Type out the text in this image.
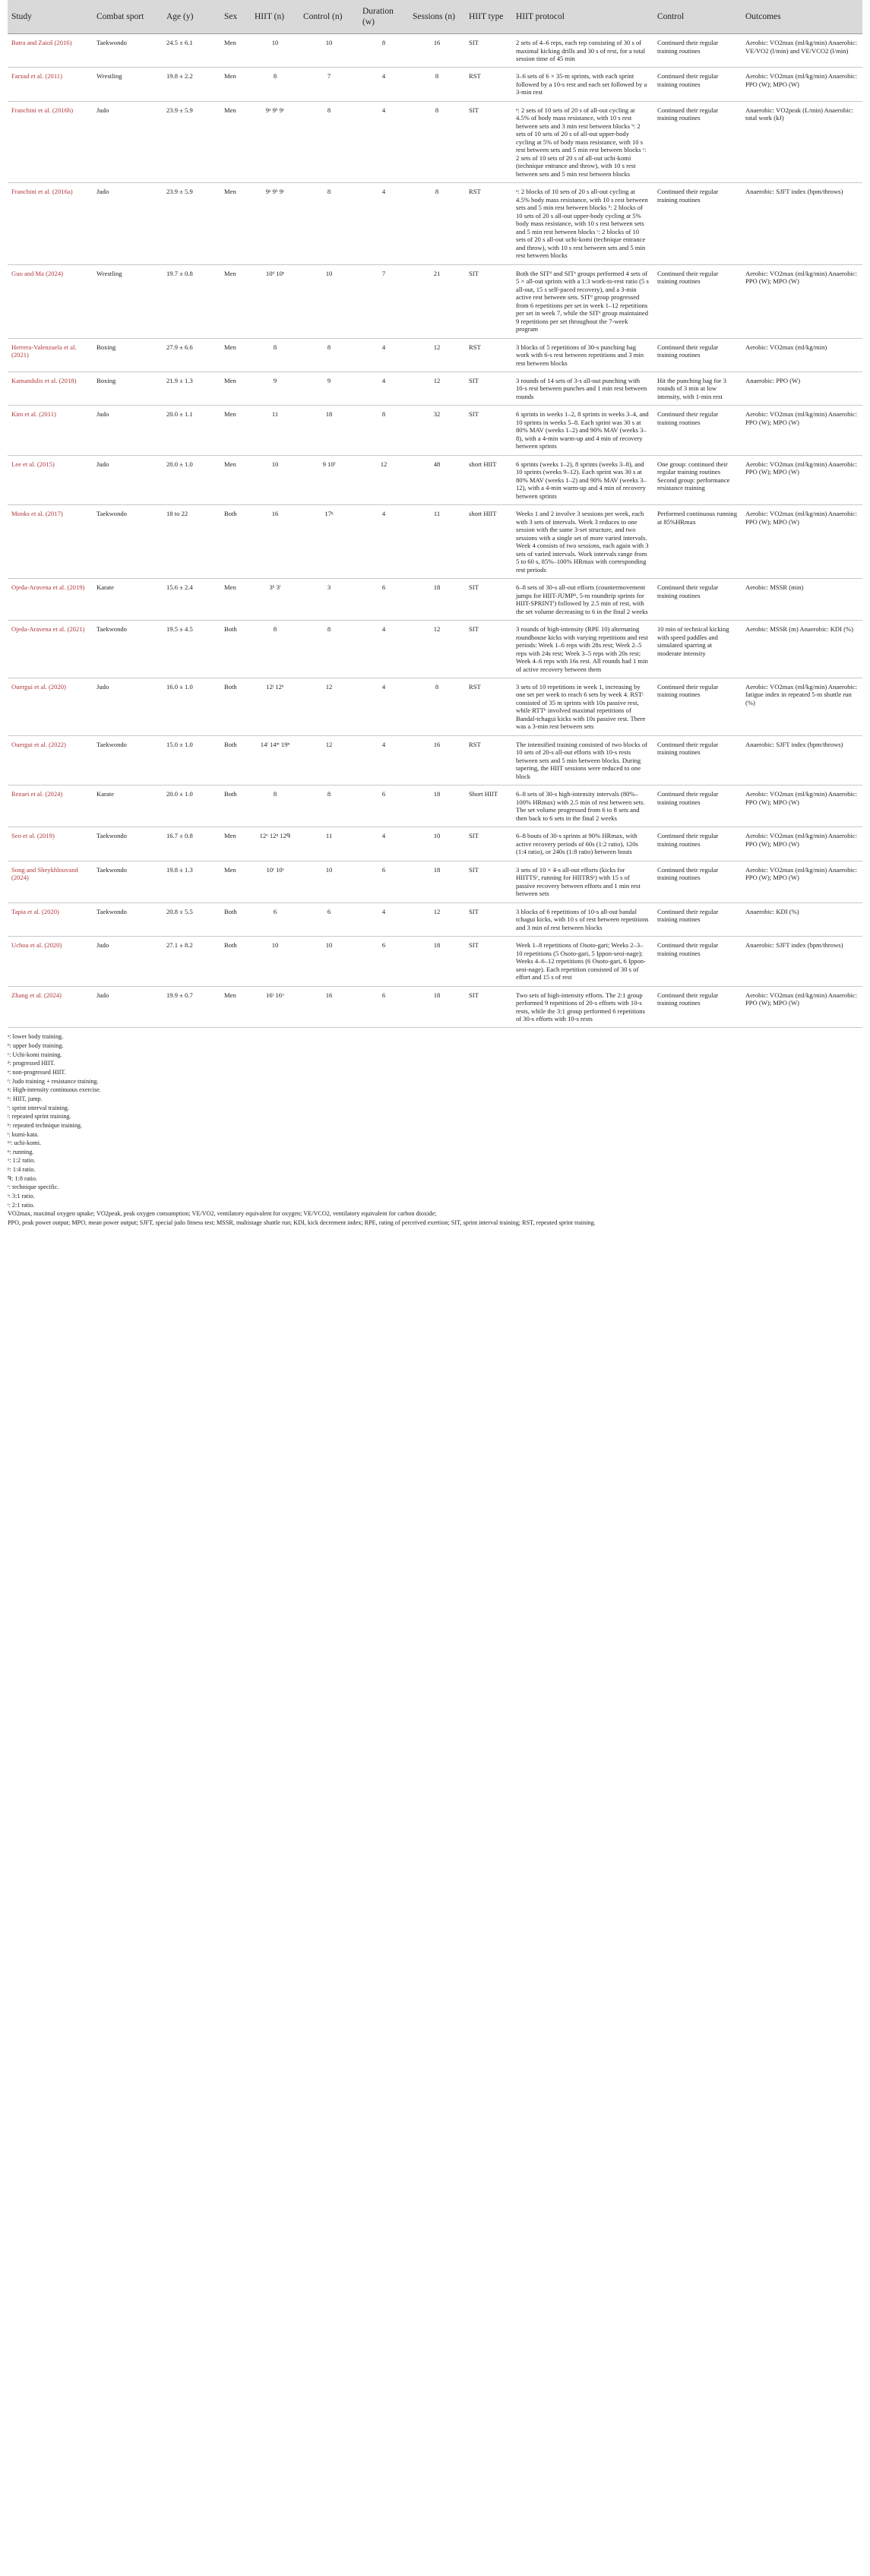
Study	Combat sport	Age (y)	Sex	HIIT (n)	Control (n)	Duration (w)	Sessions (n)	HIIT type	HIIT protocol	Control	Outcomes
Batra and Zaioš (2016)	Taekwondo	24.5 ± 6.1	Men	10	10	8	16	SIT	2 sets of 4–6 reps, each rep consisting of 30 s of maximal kicking drills and 30 s of rest, for a total session time of 45 min	Continued their regular training routines	Aerobic: VO2max (ml/kg/min) Anaerobic: VE/VO2 (l/min) and VE/VCO2 (l/min)
Farzad et al. (2011)	Wrestling	19.8 ± 2.2	Men	8	7	4	8	RST	3–6 sets of 6 × 35-m sprints, with each sprint followed by a 10-s rest and each set followed by a 3-min rest	Continued their regular training routines	Aerobic: VO2max (ml/kg/min) Anaerobic: PPO (W); MPO (W)
Franchini et al. (2016b)	Judo	23.9 ± 5.9	Men	9ᵃ 9ᵇ 9ᶜ	8	4	8	SIT	ᵃ: 2 sets of 10 sets of 20 s of all-out cycling at 4.5% of body mass resistance, with 10 s rest between sets and 3 min rest between blocks ᵇ: 2 sets of 10 sets of 20 s of all-out upper-body cycling at 5% of body mass resistance, with 10 s rest between sets and 5 min rest between blocks ᶜ: 2 sets of 10 sets of 20 s of all-out uchi-komi (technique entrance and throw), with 10 s rest between sets and 5 min rest between blocks	Continued their regular training routines	Anaerobic: VO2peak (L/min) Anaerobic: total work (kJ)
Franchini et al. (2016a)	Judo	23.9 ± 5.9	Men	9ᵃ 9ᵇ 9ᶜ	8	4	8	RST	ᵃ: 2 blocks of 10 sets of 20 s all-out cycling at 4.5% body mass resistance, with 10 s rest between sets and 5 min rest between blocks ᵇ: 2 blocks of 10 sets of 20 s all-out upper-body cycling at 5% body mass resistance, with 10 s rest between sets and 5 min rest between blocks ᶜ: 2 blocks of 10 sets of 20 s all-out uchi-komi (technique entrance and throw), with 10 s rest between sets and 5 min rest between blocks	Continued their regular training routines	Anaerobic: SJFT index (bpm/throws)
Guo and Ma (2024)	Wrestling	19.7 ± 0.8	Men	10ᵈ 10ᵉ	10	7	21	SIT	Both the SITᵈ and SITᵉ groups performed 4 sets of 5 × all-out sprints with a 1:3 work-to-rest ratio (5 s all-out, 15 s self-paced recovery), and a 3-min active rest between sets. SITᵈ group progressed from 6 repetitions per set in week 1–12 repetitions per set in week 7, while the SITᵉ group maintained 9 repetitions per set throughout the 7-week program	Continued their regular training routines	Aerobic: VO2max (ml/kg/min) Anaerobic: PPO (W); MPO (W)
Herrera-Valenzuela et al. (2021)	Boxing	27.9 ± 6.6	Men	8	8	4	12	RST	3 blocks of 5 repetitions of 30-s punching bag work with 6-s rest between repetitions and 3 min rest between blocks	Continued their regular training routines	Aerobic: VO2max (ml/kg/min)
Kamandulis et al. (2018)	Boxing	21.9 ± 1.3	Men	9	9	4	12	SIT	3 rounds of 14 sets of 3-s all-out punching with 10-s rest between punches and 1 min rest between rounds	Hit the punching bag for 3 rounds of 3 min at low intensity, with 1-min rest	Anaerobic: PPO (W)
Kim et al. (2011)	Judo	20.0 ± 1.1	Men	11	18	8	32	SIT	6 sprints in weeks 1–2, 8 sprints in weeks 3–4, and 10 sprints in weeks 5–8. Each sprint was 30 s at 80% MAV (weeks 1–2) and 90% MAV (weeks 3–8), with a 4-min warm-up and 4 min of recovery between sprints	Continued their regular training routines	Aerobic: VO2max (ml/kg/min) Anaerobic: PPO (W); MPO (W)
Lee et al. (2015)	Judo	20.0 ± 1.0	Men	10	9 10ᶠ	12	48	short HIIT	6 sprints (weeks 1–2), 8 sprints (weeks 3–8), and 10 sprints (weeks 9–12). Each sprint was 30 s at 80% MAV (weeks 1–2) and 90% MAV (weeks 3–12), with a 4-min warm-up and 4 min of recovery between sprints	One group: continued their regular training routines Second group: performance resistance training	Aerobic: VO2max (ml/kg/min) Anaerobic: PPO (W); MPO (W)
Monks et al. (2017)	Taekwondo	18 to 22	Both	16	17ᵍ	4	11	short HIIT	Weeks 1 and 2 involve 3 sessions per week, each with 3 sets of intervals. Week 3 reduces to one session with the same 3-set structure, and two sessions with a single set of more varied intervals. Week 4 consists of two sessions, each again with 3 sets of varied intervals. Work intervals range from 5 to 60 s, 85%–100% HRmax with corresponding rest periods	Performed continuous running at 85%HRmax	Aerobic: VO2max (ml/kg/min) Anaerobic: PPO (W); MPO (W)
Ojeda-Aravena et al. (2019)	Karate	15.6 ± 2.4	Men	3ʰ 3ⁱ	3	6	18	SIT	6–8 sets of 30-s all-out efforts (countermovement jumps for HIIT-JUMPʰ, 5-m roundtrip sprints for HIIT-SPRINTⁱ) followed by 2.5 min of rest, with the set volume decreasing to 6 in the final 2 weeks	Continued their regular training routines	Aerobic: MSSR (min)
Ojeda-Aravena et al. (2021)	Taekwondo	19.5 ± 4.5	Both	8	8	4	12	SIT	3 rounds of high-intensity (RPE 10) alternating roundhouse kicks with varying repetitions and rest periods: Week 1–6 reps with 28s rest; Week 2–5 reps with 24s rest; Week 3–5 reps with 20s rest; Week 4–6 reps with 16s rest. All rounds had 1 min of active recovery between them	10 min of technical kicking with speed paddles and simulated sparring at moderate intensity	Aerobic: MSSR (m) Anaerobic: KDI (%)
Ouergui et al. (2020)	Judo	16.0 ± 1.0	Both	12ʲ 12ᵏ	12	4	8	RST	3 sets of 10 repetitions in week 1, increasing by one set per week to reach 6 sets by week 4. RSTʲ consisted of 35 m sprints with 10s passive rest, while RTTᵏ involved maximal repetitions of Bandal-tchagui kicks with 10s passive rest. There was a 3-min rest between sets	Continued their regular training routines	Aerobic: VO2max (ml/kg/min) Anaerobic: fatigue index in repeated 5-m shuttle run (%)
Ouergui et al. (2022)	Taekwondo	15.0 ± 1.0	Both	14ˡ 14ᵐ 19ⁿ	12	4	16	RST	The intensified training consisted of two blocks of 10 sets of 20-s all-out efforts with 10-s rests between sets and 5 min between blocks. During tapering, the HIIT sessions were reduced to one block	Continued their regular training routines	Anaerobic: SJFT index (bpm/throws)
Rezaei et al. (2024)	Karate	20.0 ± 1.0	Both	8	8	6	18	Short HIIT	6–8 sets of 30-s high-intensity intervals (80%–100% HRmax) with 2.5 min of rest between sets. The set volume progressed from 6 to 8 sets and then back to 6 sets in the final 2 weeks	Continued their regular training routines	Aerobic: VO2max (ml/kg/min) Anaerobic: PPO (W); MPO (W)
Seo et al. (2019)	Taekwondo	16.7 ± 0.8	Men	12ᵒ 12ᵖ 12ᑫ	11	4	10	SIT	6–8 bouts of 30-s sprints at 90% HRmax, with active recovery periods of 60s (1:2 ratio), 120s (1:4 ratio), or 240s (1:8 ratio) between bouts	Continued their regular training routines	Aerobic: VO2max (ml/kg/min) Anaerobic: PPO (W); MPO (W)
Song and Sheykhlouvand (2024)	Taekwondo	19.8 ± 1.3	Men	10ʳ 10ˢ	10	6	18	SIT	3 sets of 10 × 4-s all-out efforts (kicks for HIITTSʳ, running for HIITRSˢ) with 15 s of passive recovery between efforts and 1 min rest between sets	Continued their regular training routines	Aerobic: VO2max (ml/kg/min) Anaerobic: PPO (W); MPO (W)
Tapia et al. (2020)	Taekwondo	20.8 ± 5.5	Both	6	6	4	12	SIT	3 blocks of 6 repetitions of 10-s all-out bandal tchagui kicks, with 10 s of rest between repetitions and 3 min of rest between blocks	Continued their regular training routines	Anaerobic: KDI (%)
Uchoa et al. (2020)	Judo	27.1 ± 8.2	Both	10	10	6	18	SIT	Week 1–8 repetitions of Osoto-gari; Weeks 2–3–10 repetitions (5 Osoto-gari, 5 Ippon-seoi-nage); Weeks 4–6–12 repetitions (6 Osoto-gari, 6 Ippon-seoi-nage). Each repetition consisted of 30 s of effort and 15 s of rest	Continued their regular training routines	Anaerobic: SJFT index (bpm/throws)
Zhang et al. (2024)	Judo	19.9 ± 0.7	Men	16ᵗ 16ᵘ	16	6	18	SIT	Two sets of high-intensity efforts. The 2:1 group performed 9 repetitions of 20-s efforts with 10-s rests, while the 3:1 group performed 6 repetitions of 30-s efforts with 10-s rests	Continued their regular training routines	Aerobic: VO2max (ml/kg/min) Anaerobic: PPO (W); MPO (W)
ᵃ: lower body training.
ᵇ: upper body training.
ᶜ: Uchi-komi training.
ᵈ: progressed HIIT.
ᵉ: non-progressed HIIT.
ᶠ: Judo training + resistance training.
ᵍ: High-intensity continuous exercise.
ʰ: HIIT, jump.
ⁱ: sprint interval training.
ʲ: repeated sprint training.
ᵏ: repeated technique training.
ˡ: kumi-kata.
ᵐ: uchi-komi.
ⁿ: running.
ᵒ: 1:2 ratio.
ᵖ: 1:4 ratio.
ᑫ: 1:8 ratio.
ʳ: technique specific.
ˢ: 3:1 ratio.
ᵗ: 2:1 ratio.
VO2max, maximal oxygen uptake; VO2peak, peak oxygen consumption; VE/VO2, ventilatory equivalent for oxygen; VE/VCO2, ventilatory equivalent for carbon dioxide;
PPO, peak power output; MPO, mean power output; SJFT, special judo fitness test; MSSR, multistage shuttle run; KDI, kick decrement index; RPE, rating of perceived exertion; SIT, sprint interval training; RST, repeated sprint training.
